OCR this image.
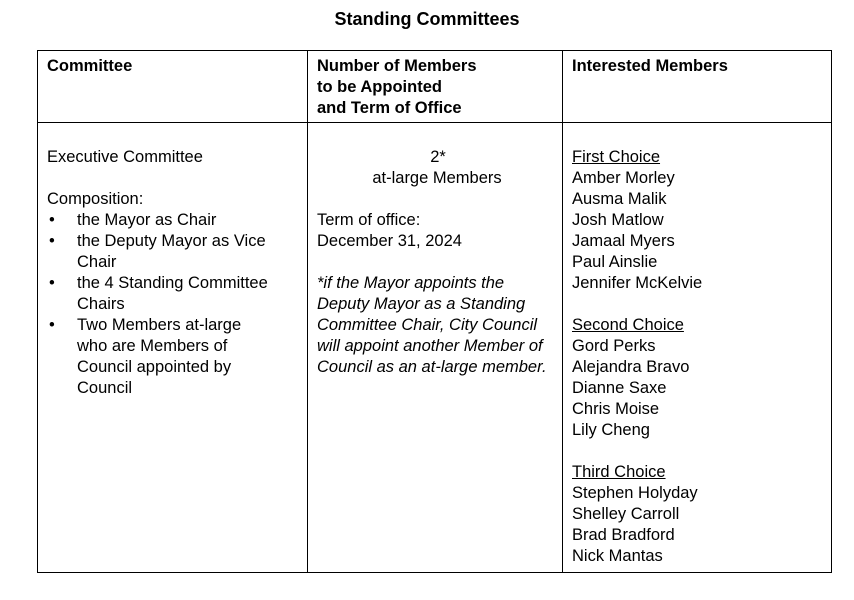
Standing Committees
Committee	Number of Members
to be Appointed
and Term of Office
Interested Members
Executive Committee
Composition:
• the Mayor as Chair
• the Deputy Mayor as Vice Chair
• the 4 Standing Committee Chairs
• Two Members at-large who are Members of Council appointed by Council
2*
at-large Members
Term of office:
December 31, 2024
*if the Mayor appoints the Deputy Mayor as a Standing Committee Chair, City Council will appoint another Member of Council as an at-large member.
First Choice
Amber Morley
Ausma Malik
Josh Matlow
Jamaal Myers
Paul Ainslie
Jennifer McKelvie
Second Choice
Gord Perks
Alejandra Bravo
Dianne Saxe
Chris Moise
Lily Cheng
Third Choice
Stephen Holyday
Shelley Carroll
Brad Bradford
Nick Mantas
